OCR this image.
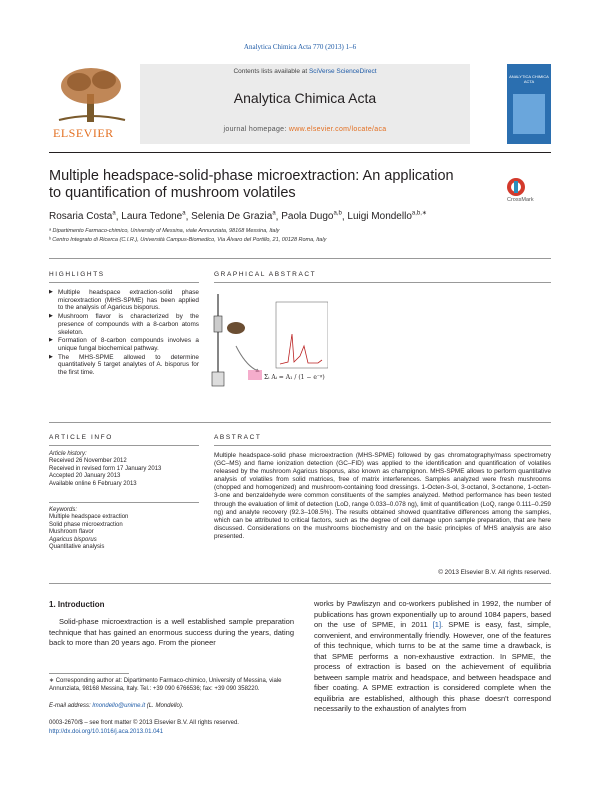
Analytica Chimica Acta 770 (2013) 1–6
ELSEVIER
Contents lists available at SciVerse ScienceDirect
Analytica Chimica Acta
journal homepage: www.elsevier.com/locate/aca
ANALYTICA CHIMICA ACTA
Multiple headspace-solid-phase microextraction: An application to quantification of mushroom volatiles	CrossMark
Rosaria Costa$^a$, Laura Tedone$^a$, Selenia De Grazia$^a$, Paola Dugo$^{a,b}$, Luigi Mondello$^{a,b,∗}$
ᵃ Dipartimento Farmaco-chimico, University of Messina, viale Annunziata, 98168 Messina, Italy
ᵇ Centro Integrato di Ricerca (C.I.R.), Università Campus-Biomedico, Via Álvaro del Portillo, 21, 00128 Roma, Italy
HIGHLIGHTS
▶ Multiple headspace extraction-solid phase microextraction (MHS-SPME) has been applied to the analysis of Agaricus bisporus.
▶ Mushroom flavor is characterized by the presence of compounds with a 8-carbon atoms skeleton.
▶ Formation of 8-carbon compounds involves a unique fungal biochemical pathway.
▶ The MHS-SPME allowed to determine quantitatively 5 target analytes of A. bisporus for the first time.
GRAPHICAL ABSTRACT
Σᵢ Aᵢ = A₁ / (1 − e⁻ᵍ)
ARTICLE INFO
Article history:
Received 26 November 2012
Received in revised form 17 January 2013
Accepted 20 January 2013
Available online 6 February 2013
Keywords:
Multiple headspace extraction
Solid phase microextraction
Mushroom flavor
Agaricus bisporus
Quantitative analysis
ABSTRACT
Multiple headspace-solid phase microextraction (MHS-SPME) followed by gas chromatography/mass spectrometry (GC–MS) and flame ionization detection (GC–FID) was applied to the identification and quantification of volatiles released by the mushroom Agaricus bisporus, also known as champignon. MHS-SPME allows to perform quantitative analysis of volatiles from solid matrices, free of matrix interferences. Samples analyzed were fresh mushrooms (chopped and homogenized) and mushroom-containing food dressings. 1-Octen-3-ol, 3-octanol, 3-octanone, 1-octen-3-one and benzaldehyde were common constituents of the samples analyzed. Method performance has been tested through the evaluation of limit of detection (LoD, range 0.033–0.078 ng), limit of quantification (LoQ, range 0.111–0.259 ng) and analyte recovery (92.3–108.5%). The results obtained showed quantitative differences among the samples, which can be attributed to critical factors, such as the degree of cell damage upon sample preparation, that are here discussed. Considerations on the mushrooms biochemistry and on the basic principles of MHS analysis are also presented.
© 2013 Elsevier B.V. All rights reserved.
1. Introduction
Solid-phase microextraction is a well established sample preparation technique that has gained an enormous success during the years, dating back to more than 20 years ago. From the pioneer
works by Pawliszyn and co-workers published in 1992, the number of publications has grown exponentially up to around 1084 papers, based on the use of SPME, in 2011 [1]. SPME is easy, fast, simple, convenient, and environmentally friendly. However, one of the features of this technique, which turns to be at the same time a drawback, is that SPME performs a non-exhaustive extraction. In SPME, the process of extraction is based on the achievement of equilibria between sample matrix and headspace, and between headspace and fiber coating. A SPME extraction is considered complete when the equilibria are established, although this phase doesn't correspond necessarily to the exhaustion of analytes from
∗ Corresponding author at: Dipartimento Farmaco-chimico, University of Messina, viale Annunziata, 98168 Messina, Italy. Tel.: +39 090 6766536; fax: +39 090 358220.
E-mail address: lmondello@unime.it (L. Mondello).
0003-2670/$ – see front matter © 2013 Elsevier B.V. All rights reserved.
http://dx.doi.org/10.1016/j.aca.2013.01.041
